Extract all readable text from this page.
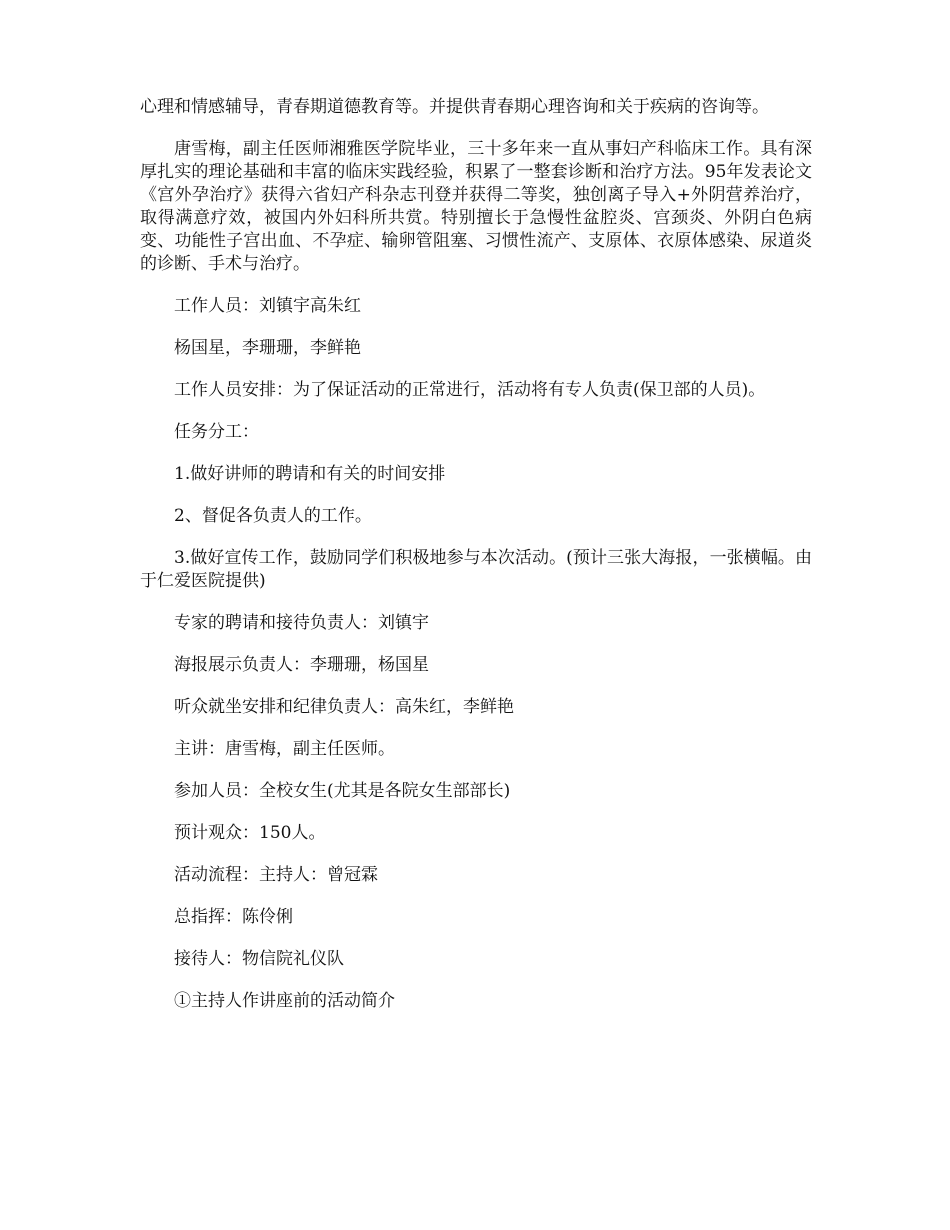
心理和情感辅导，青春期道德教育等。并提供青春期心理咨询和关于疾病的咨询等。

唐雪梅，副主任医师湘雅医学院毕业，三十多年来一直从事妇产科临床工作。具有深厚扎实的理论基础和丰富的临床实践经验，积累了一整套诊断和治疗方法。95年发表论文《宫外孕治疗》获得六省妇产科杂志刊登并获得二等奖，独创离子导入+外阴营养治疗，取得满意疗效，被国内外妇科所共赏。特别擅长于急慢性盆腔炎、宫颈炎、外阴白色病变、功能性子宫出血、不孕症、输卵管阻塞、习惯性流产、支原体、衣原体感染、尿道炎的诊断、手术与治疗。

工作人员：刘镇宇高朱红

杨国星，李珊珊，李鲜艳

工作人员安排：为了保证活动的正常进行，活动将有专人负责(保卫部的人员)。

任务分工：

1.做好讲师的聘请和有关的时间安排

2、督促各负责人的工作。

3.做好宣传工作，鼓励同学们积极地参与本次活动。(预计三张大海报，一张横幅。由于仁爱医院提供)

专家的聘请和接待负责人：刘镇宇

海报展示负责人：李珊珊，杨国星

听众就坐安排和纪律负责人：高朱红，李鲜艳

主讲：唐雪梅，副主任医师。

参加人员：全校女生(尤其是各院女生部部长)

预计观众：150人。

活动流程：主持人：曾冠霖

总指挥：陈伶俐

接待人：物信院礼仪队

①主持人作讲座前的活动简介
